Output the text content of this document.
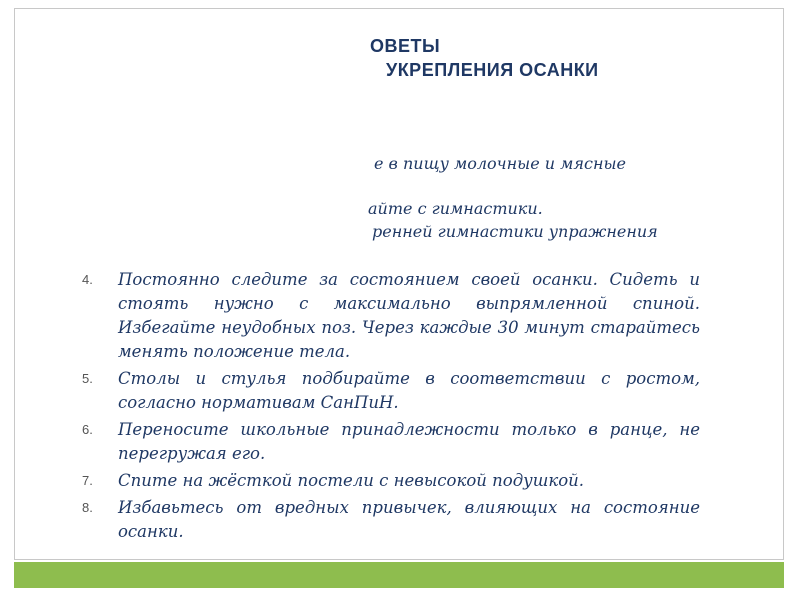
ОВЕТЫ
УКРЕПЛЕНИЯ ОСАНКИ
е в пищу молочные и мясные
айте с гимнастики.
ренней гимнастики упражнения
4. Постоянно следите за состоянием своей осанки. Сидеть и стоять нужно с максимально выпрямленной спиной. Избегайте неудобных поз. Через каждые 30 минут старайтесь менять положение тела.
5. Столы и стулья подбирайте в соответствии с ростом, согласно нормативам СанПиН.
6. Переносите школьные принадлежности только в ранце, не перегружая его.
7. Спите на жёсткой постели с невысокой подушкой.
8. Избавьтесь от вредных привычек, влияющих на состояние осанки.
